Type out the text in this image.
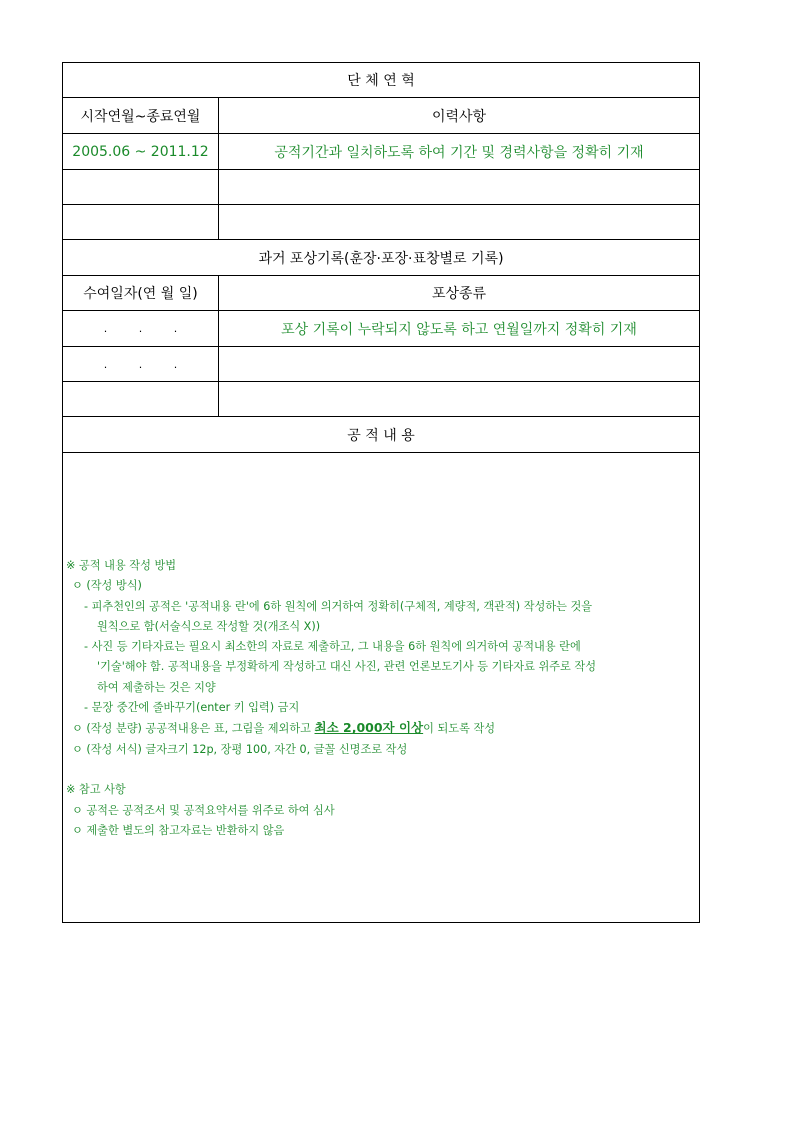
단 체 연 혁
시작연월~종료연월	이력사항
2005.06 ~ 2011.12	공적기간과 일치하도록 하여 기간 및 경력사항을 정확히 기재
과거 포상기록(훈장·포장·표창별로 기록)
수여일자(연 월 일)	포상종류
. . .	포상 기록이 누락되지 않도록 하고 연월일까지 정확히 기재
. . .
공 적 내 용
※ 공적 내용 작성 방법
ㅇ (작성 방식)
- 피추천인의 공적은 '공적내용 란'에 6하 원칙에 의거하여 정확히(구체적, 계량적, 객관적) 작성하는 것을
원칙으로 함(서술식으로 작성할 것(개조식 X))
- 사진 등 기타자료는 필요시 최소한의 자료로 제출하고, 그 내용을 6하 원칙에 의거하여 공적내용 란에
'기술'해야 함. 공적내용을 부정확하게 작성하고 대신 사진, 관련 언론보도기사 등 기타자료 위주로 작성
하여 제출하는 것은 지양
- 문장 중간에 줄바꾸기(enter 키 입력) 금지
ㅇ (작성 분량) 공공적내용은 표, 그림을 제외하고 최소 2,000자 이상이 되도록 작성
ㅇ (작성 서식) 글자크기 12p, 장평 100, 자간 0, 글꼴 신명조로 작성
※ 참고 사항
ㅇ 공적은 공적조서 및 공적요약서를 위주로 하여 심사
ㅇ 제출한 별도의 참고자료는 반환하지 않음
